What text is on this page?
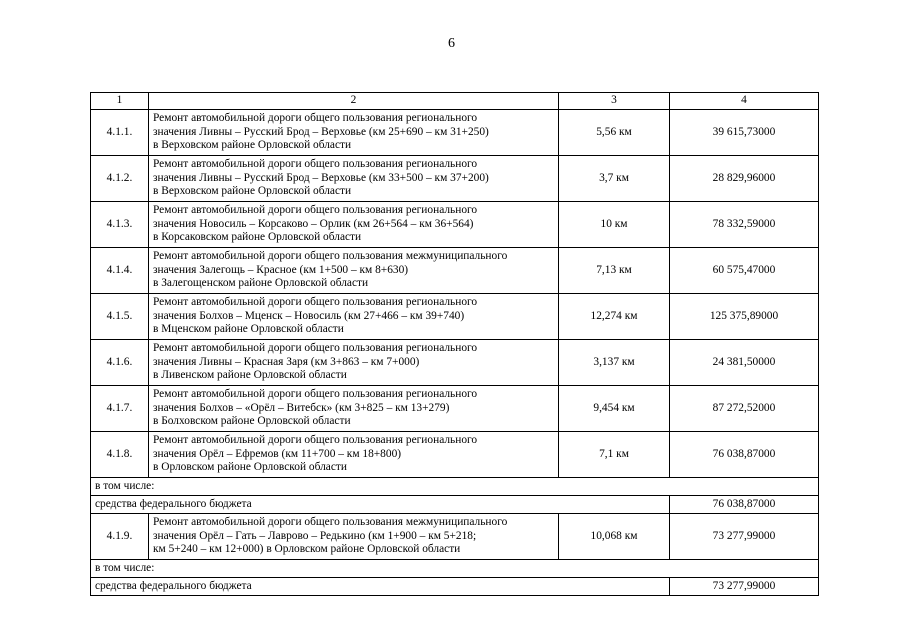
6
1	2	3	4
4.1.1.	Ремонт автомобильной дороги общего пользования регионального
значения Ливны – Русский Брод – Верховье (км 25+690 – км 31+250)
в Верховском районе Орловской области	5,56 км	39 615,73000
4.1.2.	Ремонт автомобильной дороги общего пользования регионального
значения Ливны – Русский Брод – Верховье (км 33+500 – км 37+200)
в Верховском районе Орловской области	3,7 км	28 829,96000
4.1.3.	Ремонт автомобильной дороги общего пользования регионального
значения Новосиль – Корсаково – Орлик (км 26+564 – км 36+564)
в Корсаковском районе Орловской области	10 км	78 332,59000
4.1.4.	Ремонт автомобильной дороги общего пользования межмуниципального
значения Залегощь – Красное (км 1+500 – км 8+630)
в Залегощенском районе Орловской области	7,13 км	60 575,47000
4.1.5.	Ремонт автомобильной дороги общего пользования регионального
значения Болхов – Мценск – Новосиль (км 27+466 – км 39+740)
в Мценском районе Орловской области	12,274 км	125 375,89000
4.1.6.	Ремонт автомобильной дороги общего пользования регионального
значения Ливны – Красная Заря (км 3+863 – км 7+000)
в Ливенском районе Орловской области	3,137 км	24 381,50000
4.1.7.	Ремонт автомобильной дороги общего пользования регионального
значения Болхов – «Орёл – Витебск» (км 3+825 – км 13+279)
в Болховском районе Орловской области	9,454 км	87 272,52000
4.1.8.	Ремонт автомобильной дороги общего пользования регионального
значения Орёл – Ефремов (км 11+700 – км 18+800)
в Орловском районе Орловской области	7,1 км	76 038,87000
в том числе:			
средства федерального бюджета			76 038,87000
4.1.9.	Ремонт автомобильной дороги общего пользования межмуниципального
значения Орёл – Гать – Лаврово – Редькино (км 1+900 – км 5+218;
км 5+240 – км 12+000) в Орловском районе Орловской области	10,068 км	73 277,99000
в том числе:			
средства федерального бюджета			73 277,99000
